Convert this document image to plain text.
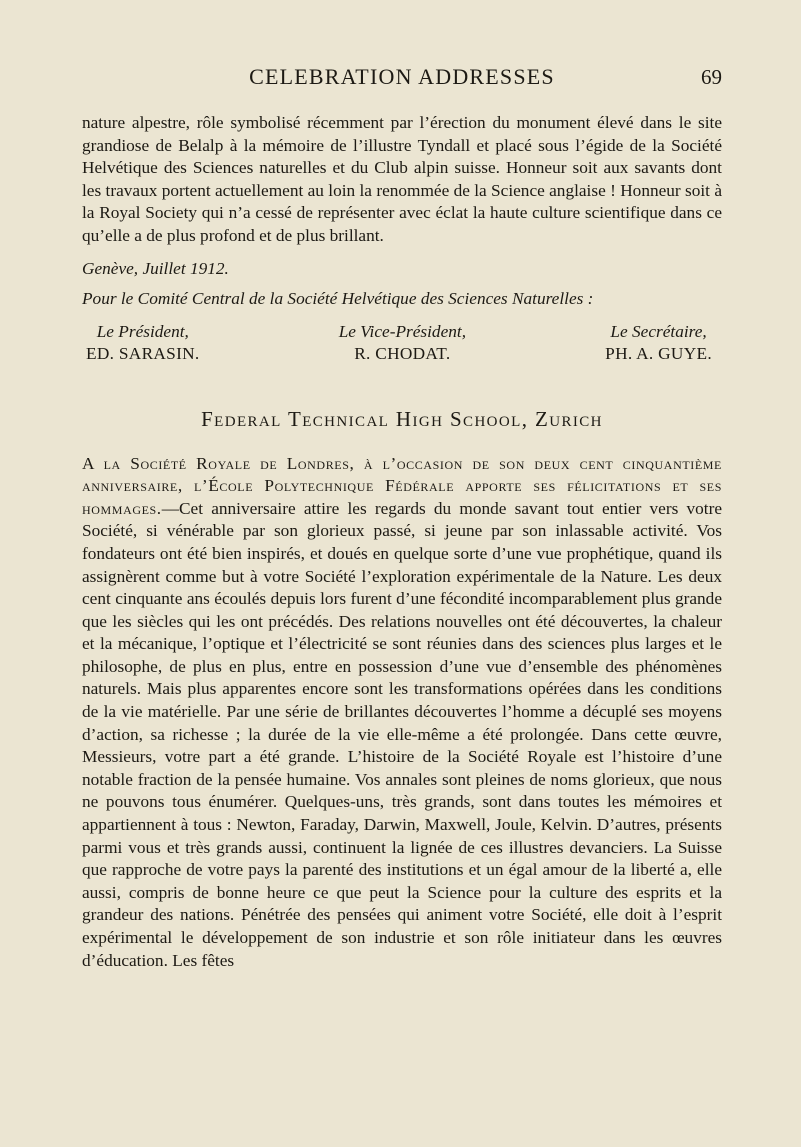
CELEBRATION ADDRESSES	69

nature alpestre, rôle symbolisé récemment par l’érection du monument élevé dans le site grandiose de Belalp à la mémoire de l’illustre Tyndall et placé sous l’égide de la Société Helvétique des Sciences naturelles et du Club alpin suisse. Honneur soit aux savants dont les travaux portent actuellement au loin la renommée de la Science anglaise ! Honneur soit à la Royal Society qui n’a cessé de représenter avec éclat la haute culture scientifique dans ce qu’elle a de plus profond et de plus brillant.

Genève, Juillet 1912.

Pour le Comité Central de la Société Helvétique des Sciences Naturelles :

Le Président,
ED. SARASIN.
Le Vice-Président,
R. CHODAT.
Le Secrétaire,
PH. A. GUYE.
Federal Technical High School, Zurich

A la Société Royale de Londres, à l’occasion de son deux cent cinquantième anniversaire, l’École Polytechnique Fédérale apporte ses félicitations et ses hommages.—Cet anniversaire attire les regards du monde savant tout entier vers votre Société, si vénérable par son glorieux passé, si jeune par son inlassable activité. Vos fondateurs ont été bien inspirés, et doués en quelque sorte d’une vue prophétique, quand ils assignèrent comme but à votre Société l’exploration expérimentale de la Nature. Les deux cent cinquante ans écoulés depuis lors furent d’une fécondité incomparablement plus grande que les siècles qui les ont précédés. Des relations nouvelles ont été découvertes, la chaleur et la mécanique, l’optique et l’électricité se sont réunies dans des sciences plus larges et le philosophe, de plus en plus, entre en possession d’une vue d’ensemble des phénomènes naturels. Mais plus apparentes encore sont les transformations opérées dans les conditions de la vie matérielle. Par une série de brillantes découvertes l’homme a décuplé ses moyens d’action, sa richesse ; la durée de la vie elle-même a été prolongée. Dans cette œuvre, Messieurs, votre part a été grande. L’histoire de la Société Royale est l’histoire d’une notable fraction de la pensée humaine. Vos annales sont pleines de noms glorieux, que nous ne pouvons tous énumérer. Quelques-uns, très grands, sont dans toutes les mémoires et appartiennent à tous : Newton, Faraday, Darwin, Maxwell, Joule, Kelvin. D’autres, présents parmi vous et très grands aussi, continuent la lignée de ces illustres devanciers. La Suisse que rapproche de votre pays la parenté des institutions et un égal amour de la liberté a, elle aussi, compris de bonne heure ce que peut la Science pour la culture des esprits et la grandeur des nations. Pénétrée des pensées qui animent votre Société, elle doit à l’esprit expérimental le développement de son industrie et son rôle initiateur dans les œuvres d’éducation. Les fêtes
